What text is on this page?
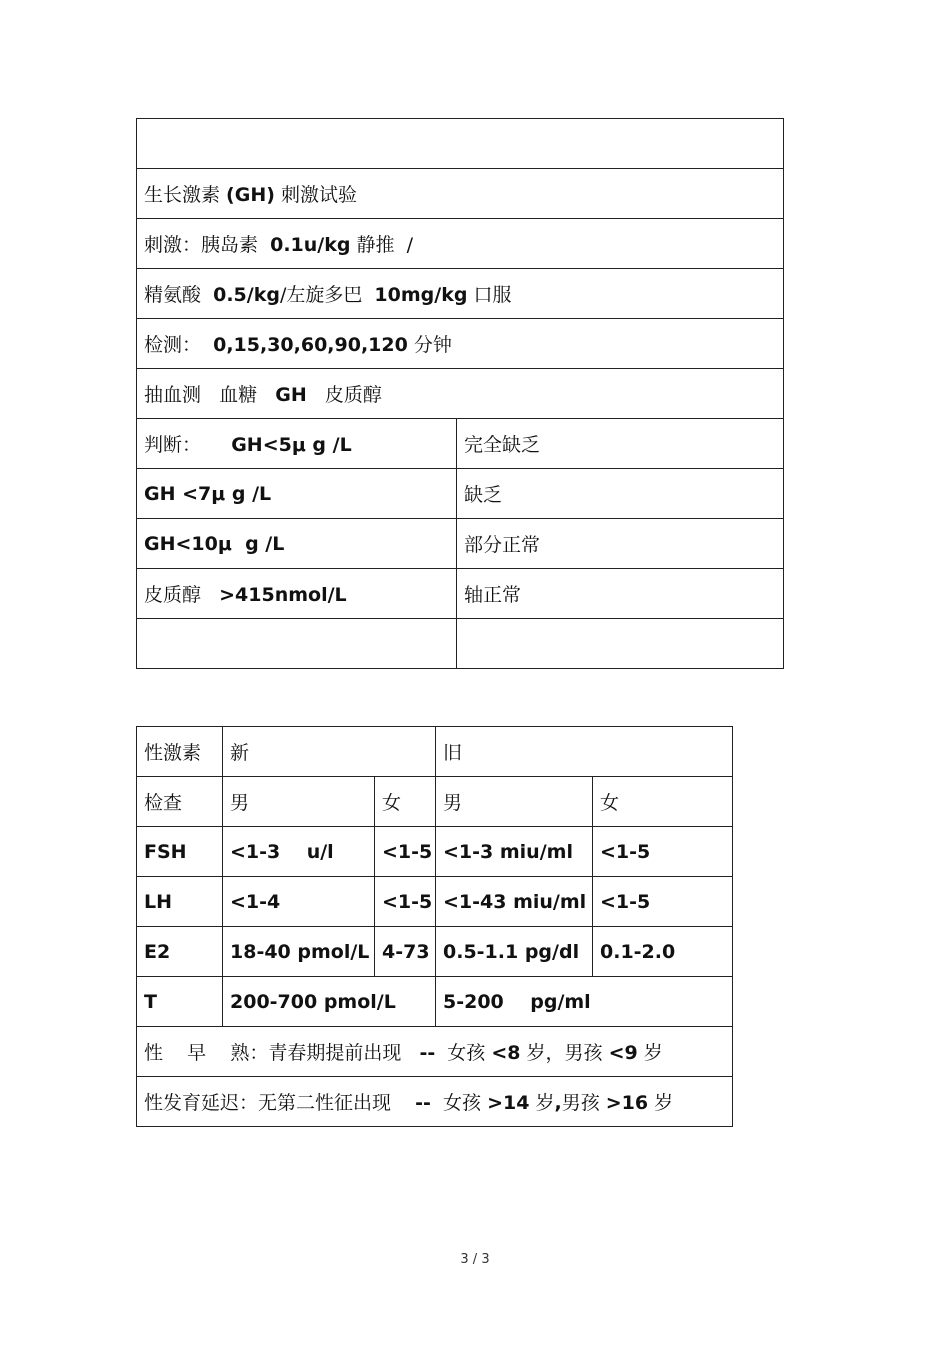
生长激素 (GH) 刺激试验	
刺激：胰岛素  0.1u/kg 静推  /	
精氨酸  0.5/kg/左旋多巴  10mg/kg 口服	
检测：  0,15,30,60,90,120 分钟	
抽血测   血糖   GH   皮质醇	
判断：     GH<5μ g /L	完全缺乏
GH <7μ g /L	缺乏
GH<10μ  g /L	部分正常
皮质醇   >415nmol/L	轴正常

性激素	新		旧	
检查	男	女	男	女
FSH	<1-3    u/l	<1-5	<1-3 miu/ml	<1-5
LH	<1-4	<1-5	<1-43 miu/ml	<1-5
E2	18-40 pmol/L	4-73	0.5-1.1 pg/dl	0.1-2.0
T	200-700 pmol/L		5-200    pg/ml	
性    早    熟：青春期提前出现   --  女孩 <8 岁，男孩 <9 岁				
性发育延迟：无第二性征出现    --  女孩 >14 岁,男孩 >16 岁				
3 / 3
